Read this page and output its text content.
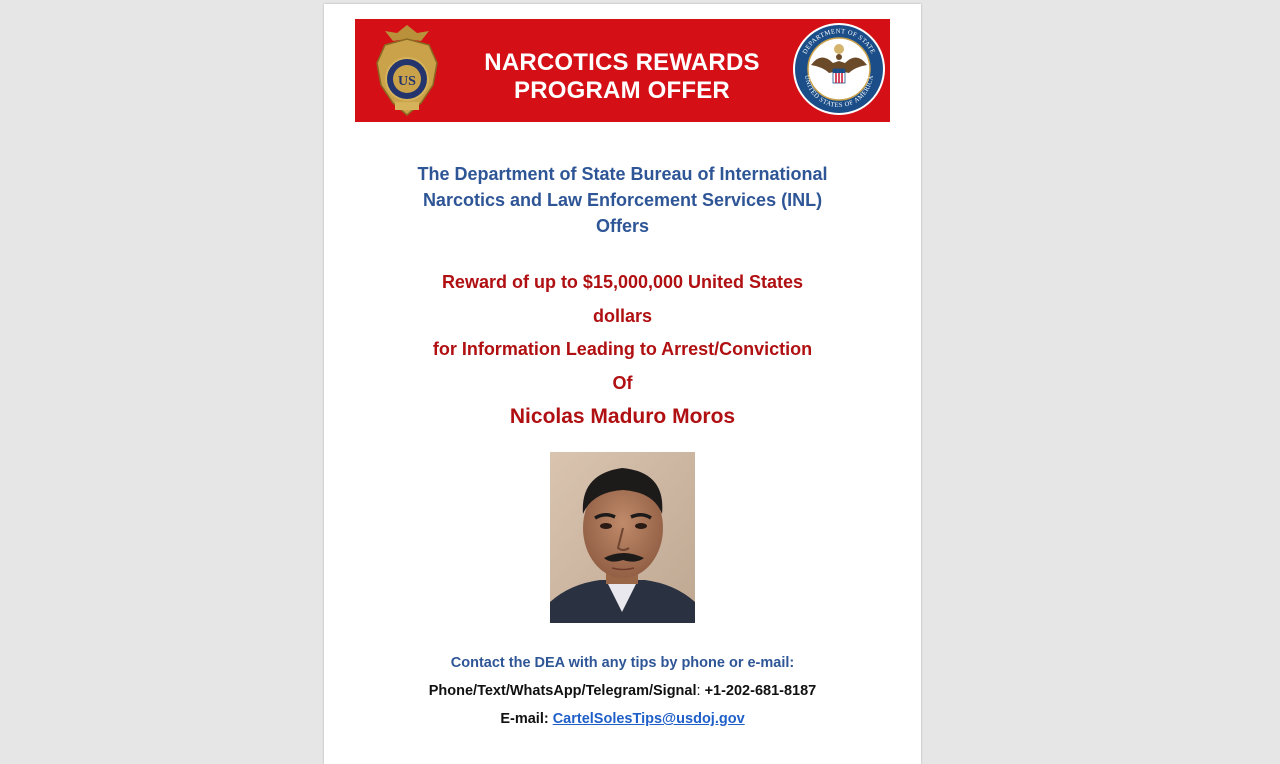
US
NARCOTICS REWARDS
PROGRAM OFFER
DEPARTMENT OF STATE
UNITED STATES OF AMERICA
The Department of State Bureau of International
Narcotics and Law Enforcement Services (INL)
Offers
Reward of up to $15,000,000 United States
dollars
for Information Leading to Arrest/Conviction
Of
Nicolas Maduro Moros
Contact the DEA with any tips by phone or e-mail:
Phone/Text/WhatsApp/Telegram/Signal: +1-202-681-8187
E-mail: CartelSolesTips@usdoj.gov
